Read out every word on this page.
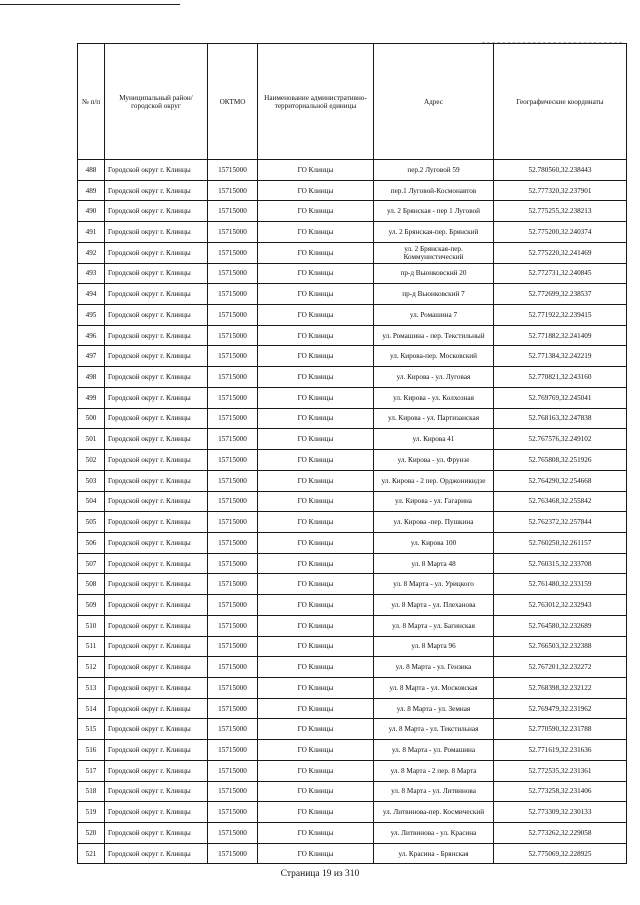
№ п/п	Муниципальный район/городской округ	ОКТМО	Наименование административно-территориальной единицы	Адрес	Географические координаты
488	Городской округ г. Клинцы	15715000	ГО Клинцы	пер.2 Луговой 59	52.780560,32.238443
489	Городской округ г. Клинцы	15715000	ГО Клинцы	пер.1 Луговой-Космонавтов	52.777320,32.237901
490	Городской округ г. Клинцы	15715000	ГО Клинцы	ул. 2 Брянская - пер 1 Луговой	52.775255,32.238213
491	Городской округ г. Клинцы	15715000	ГО Клинцы	ул. 2 Брянская-пер. Брянский	52.775200,32.240374
492	Городской округ г. Клинцы	15715000	ГО Клинцы	ул. 2 Брянская-пер. Коммунистический	52.775220,32.241469
493	Городской округ г. Клинцы	15715000	ГО Клинцы	пр-д Вьюнковский 20	52.772731,32.240845
494	Городской округ г. Клинцы	15715000	ГО Клинцы	пр-д Вьюнковский 7	52.772699,32.238537
495	Городской округ г. Клинцы	15715000	ГО Клинцы	ул. Ромашина 7	52.771922,32.239415
496	Городской округ г. Клинцы	15715000	ГО Клинцы	ул. Ромашина - пер. Текстильный	52.771882,32.241409
497	Городской округ г. Клинцы	15715000	ГО Клинцы	ул. Кирова-пер. Московский	52.771384,32.242219
498	Городской округ г. Клинцы	15715000	ГО Клинцы	ул. Кирова - ул. Луговая	52.770821,32.243160
499	Городской округ г. Клинцы	15715000	ГО Клинцы	ул. Кирова - ул. Колхозная	52.769769,32.245041
500	Городской округ г. Клинцы	15715000	ГО Клинцы	ул. Кирова - ул. Партизанская	52.768163,32.247838
501	Городской округ г. Клинцы	15715000	ГО Клинцы	ул. Кирова 41	52.767576,32.249102
502	Городской округ г. Клинцы	15715000	ГО Клинцы	ул. Кирова - ул. Фрунзе	52.765808,32.251926
503	Городской округ г. Клинцы	15715000	ГО Клинцы	ул. Кирова - 2 пер. Орджоникидзе	52.764290,32.254668
504	Городской округ г. Клинцы	15715000	ГО Клинцы	ул. Кирова - ул. Гагарина	52.763468,32.255842
505	Городской округ г. Клинцы	15715000	ГО Клинцы	ул. Кирова -пер. Пушкина	52.762372,32.257844
506	Городской округ г. Клинцы	15715000	ГО Клинцы	ул. Кирова 100	52.760250,32.261157
507	Городской округ г. Клинцы	15715000	ГО Клинцы	ул. 8 Марта 48	52.760315,32.233708
508	Городской округ г. Клинцы	15715000	ГО Клинцы	ул. 8 Марта - ул. Урицкого	52.761480,32.233159
509	Городской округ г. Клинцы	15715000	ГО Клинцы	ул. 8 Марта - ул. Плеханова	52.763012,32.232943
510	Городской округ г. Клинцы	15715000	ГО Клинцы	ул. 8 Марта - ул. Багинская	52.764580,32.232689
511	Городской округ г. Клинцы	15715000	ГО Клинцы	ул. 8 Марта 96	52.766503,32.232388
512	Городской округ г. Клинцы	15715000	ГО Клинцы	ул. 8 Марта - ул. Гензика	52.767201,32.232272
513	Городской округ г. Клинцы	15715000	ГО Клинцы	ул. 8 Марта - ул. Московская	52.768398,32.232122
514	Городской округ г. Клинцы	15715000	ГО Клинцы	ул. 8 Марта - ул. Земная	52.769479,32.231962
515	Городской округ г. Клинцы	15715000	ГО Клинцы	ул. 8 Марта - ул. Текстильная	52.770590,32.231788
516	Городской округ г. Клинцы	15715000	ГО Клинцы	ул. 8 Марта - ул. Ромашина	52.771619,32.231636
517	Городской округ г. Клинцы	15715000	ГО Клинцы	ул. 8 Марта - 2 пер. 8 Марта	52.772535,32.231361
518	Городской округ г. Клинцы	15715000	ГО Клинцы	ул. 8 Марта - ул. Литвинова	52.773258,32.231406
519	Городской округ г. Клинцы	15715000	ГО Клинцы	ул. Литвинова-пер. Космический	52.773309,32.230133
520	Городской округ г. Клинцы	15715000	ГО Клинцы	ул. Литвинова - ул. Красина	52.773262,32.229058
521	Городской округ г. Клинцы	15715000	ГО Клинцы	ул. Красина - Брянская	52.775069,32.228925
Страница 19 из 310
